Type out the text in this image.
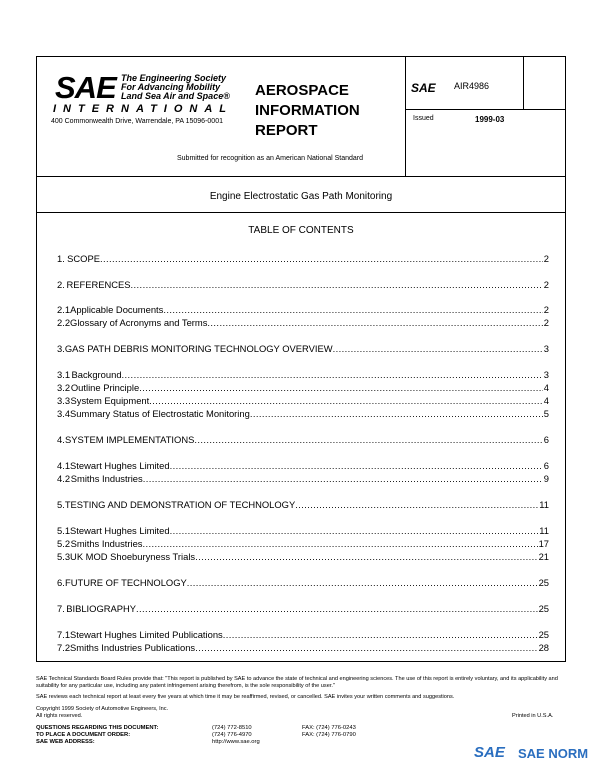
SAE The Engineering Society
For Advancing Mobility
Land Sea Air and Space®
INTERNATIONAL
400 Commonwealth Drive, Warrendale, PA 15096-0001
AEROSPACE
INFORMATION
REPORT
Submitted for recognition as an American National Standard
SAE AIR4986
Issued	1999-03
Engine Electrostatic Gas Path Monitoring
TABLE OF CONTENTS
1. SCOPE .....	2
2. REFERENCES .....	2
2.1 Applicable Documents .....	2
2.2 Glossary of Acronyms and Terms .....	2
3. GAS PATH DEBRIS MONITORING TECHNOLOGY OVERVIEW .....	3
3.1 Background .....	3
3.2 Outline Principle .....	4
3.3 System Equipment .....	4
3.4 Summary Status of Electrostatic Monitoring .....	5
4. SYSTEM IMPLEMENTATIONS .....	6
4.1 Stewart Hughes Limited .....	6
4.2 Smiths Industries .....	9
5. TESTING AND DEMONSTRATION OF TECHNOLOGY .....	11
5.1 Stewart Hughes Limited .....	11
5.2 Smiths Industries .....	17
5.3 UK MOD Shoeburyness Trials .....	21
6. FUTURE OF TECHNOLOGY .....	25
7. BIBLIOGRAPHY .....	25
7.1 Stewart Hughes Limited Publications .....	25
7.2 Smiths Industries Publications .....	28
SAE Technical Standards Board Rules provide that: "This report is published by SAE to advance the state of technical and engineering sciences. The use of this report is entirely voluntary, and its applicability and suitability for any particular use, including any patent infringement arising therefrom, is the sole responsibility of the user."
SAE reviews each technical report at least every five years at which time it may be reaffirmed, revised, or cancelled. SAE invites your written comments and suggestions.
Copyright 1999 Society of Automotive Engineers, Inc.
All rights reserved.	Printed in U.S.A.
QUESTIONS REGARDING THIS DOCUMENT:	(724) 772-8510	FAX: (724) 776-0243
TO PLACE A DOCUMENT ORDER:	(724) 776-4970	FAX: (724) 776-0790
SAE WEB ADDRESS:	http://www.sae.org
SAE SAE NORM
